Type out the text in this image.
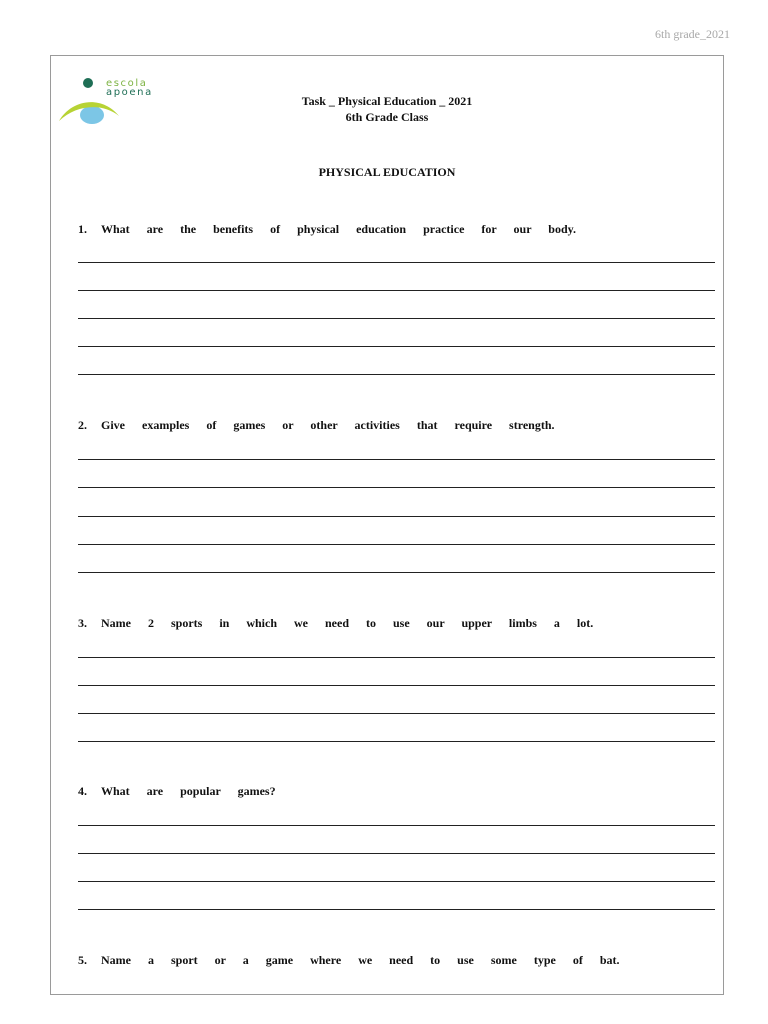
6th grade_2021
escola
apoena
Task _ Physical Education _ 2021
6th Grade Class
PHYSICAL EDUCATION
1.	What are the benefits of physical education practice for our body.
2.	Give examples of games or other activities that require strength.
3.	Name 2 sports in which we need to use our upper limbs a lot.
4.	What are popular games?
5.	Name a sport or a game where we need to use some type of bat.
